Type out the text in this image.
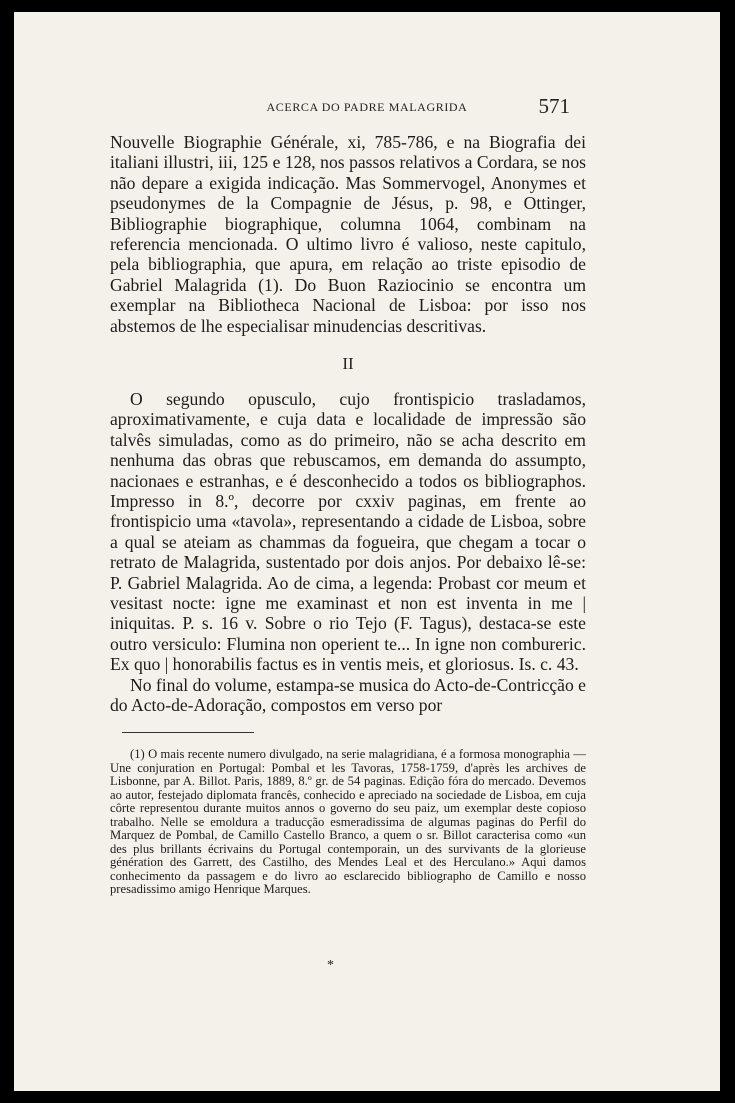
ACERCA DO PADRE MALAGRIDA	571

Nouvelle Biographie Générale, xi, 785-786, e na Biografia dei italiani illustri, iii, 125 e 128, nos passos relativos a Cordara, se nos não depare a exigida indicação. Mas Sommervogel, Anonymes et pseudonymes de la Compagnie de Jésus, p. 98, e Ottinger, Bibliographie biographique, columna 1064, combinam na referencia mencionada. O ultimo livro é valioso, neste capitulo, pela bibliographia, que apura, em relação ao triste episodio de Gabriel Malagrida (1). Do Buon Raziocinio se encontra um exemplar na Bibliotheca Nacional de Lisboa: por isso nos abstemos de lhe especialisar minudencias descritivas.

II

O segundo opusculo, cujo frontispicio trasladamos, aproximativamente, e cuja data e localidade de impressão são talvês simuladas, como as do primeiro, não se acha descrito em nenhuma das obras que rebuscamos, em demanda do assumpto, nacionaes e estranhas, e é desconhecido a todos os bibliographos. Impresso in 8.º, decorre por cxxiv paginas, em frente ao frontispicio uma «tavola», representando a cidade de Lisboa, sobre a qual se ateiam as chammas da fogueira, que chegam a tocar o retrato de Malagrida, sustentado por dois anjos. Por debaixo lê-se: P. Gabriel Malagrida. Ao de cima, a legenda: Probast cor meum et vesitast nocte: igne me examinast et non est inventa in me | iniquitas. P. s. 16 v. Sobre o rio Tejo (F. Tagus), destaca-se este outro versiculo: Flumina non operient te... In igne non combureric. Ex quo | honorabilis factus es in ventis meis, et gloriosus. Is. c. 43.

No final do volume, estampa-se musica do Acto-de-Contricção e do Acto-de-Adoração, compostos em verso por

(1) O mais recente numero divulgado, na serie malagridiana, é a formosa monographia — Une conjuration en Portugal: Pombal et les Tavoras, 1758-1759, d'après les archives de Lisbonne, par A. Billot. Paris, 1889, 8.º gr. de 54 paginas. Edição fóra do mercado. Devemos ao autor, festejado diplomata francês, conhecido e apreciado na sociedade de Lisboa, em cuja côrte representou durante muitos annos o governo do seu paiz, um exemplar deste copioso trabalho. Nelle se emoldura a traducção esmeradissima de algumas paginas do Perfil do Marquez de Pombal, de Camillo Castello Branco, a quem o sr. Billot caracterisa como «un des plus brillants écrivains du Portugal contemporain, un des survivants de la glorieuse génération des Garrett, des Castilho, des Mendes Leal et des Herculano.» Aqui damos conhecimento da passagem e do livro ao esclarecido bibliographo de Camillo e nosso presadissimo amigo Henrique Marques.

*
